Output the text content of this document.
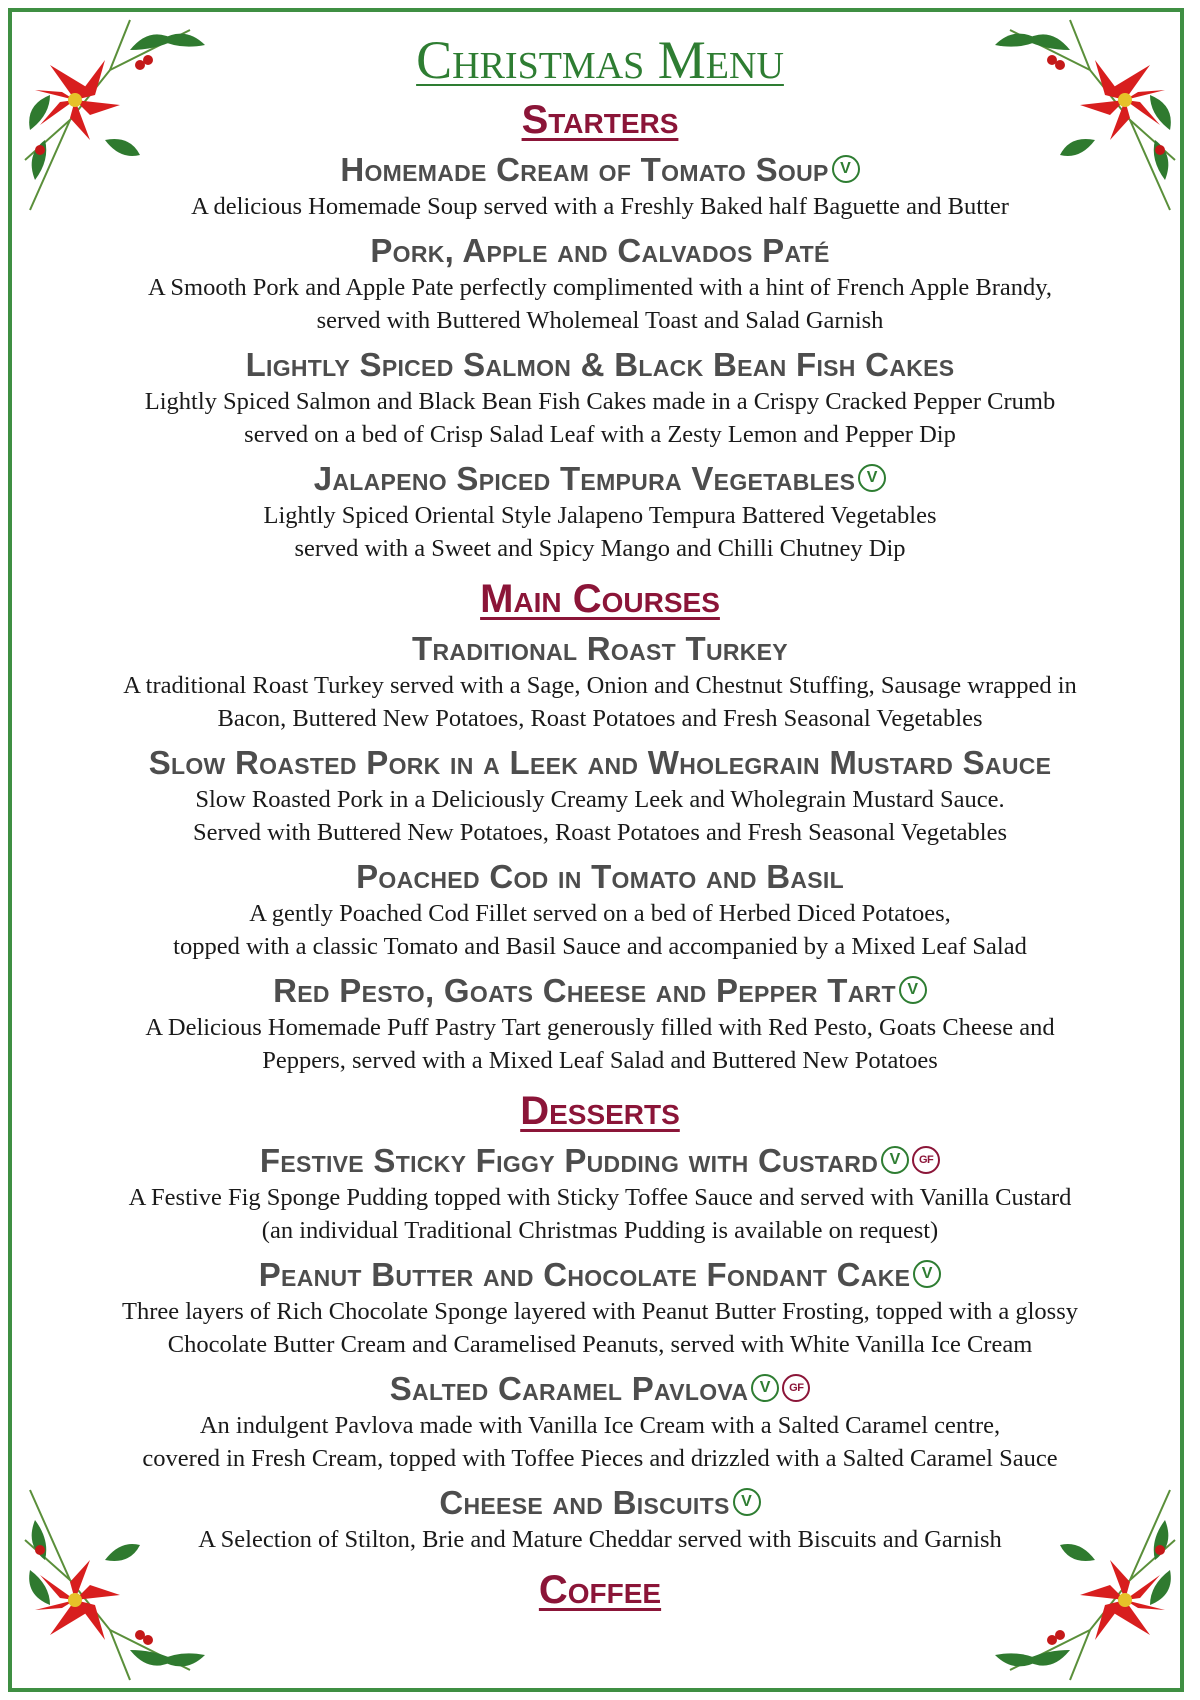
Christmas Menu
Starters
Homemade Cream of Tomato Soup V
A delicious Homemade Soup served with a Freshly Baked half Baguette and Butter
Pork, Apple and Calvados Paté
A Smooth Pork and Apple Pate perfectly complimented with a hint of French Apple Brandy,
served with Buttered Wholemeal Toast and Salad Garnish
Lightly Spiced Salmon & Black Bean Fish Cakes
Lightly Spiced Salmon and Black Bean Fish Cakes made in a Crispy Cracked Pepper Crumb
served on a bed of Crisp Salad Leaf with a Zesty Lemon and Pepper Dip
Jalapeno Spiced Tempura Vegetables V
Lightly Spiced Oriental Style Jalapeno Tempura Battered Vegetables
served with a Sweet and Spicy Mango and Chilli Chutney Dip
Main Courses
Traditional Roast Turkey
A traditional Roast Turkey served with a Sage, Onion and Chestnut Stuffing, Sausage wrapped in
Bacon, Buttered New Potatoes, Roast Potatoes and Fresh Seasonal Vegetables
Slow Roasted Pork in a Leek and Wholegrain Mustard Sauce
Slow Roasted Pork in a Deliciously Creamy Leek and Wholegrain Mustard Sauce.
Served with Buttered New Potatoes, Roast Potatoes and Fresh Seasonal Vegetables
Poached Cod in Tomato and Basil
A gently Poached Cod Fillet served on a bed of Herbed Diced Potatoes,
topped with a classic Tomato and Basil Sauce and accompanied by a Mixed Leaf Salad
Red Pesto, Goats Cheese and Pepper Tart V
A Delicious Homemade Puff Pastry Tart generously filled with Red Pesto, Goats Cheese and
Peppers, served with a Mixed Leaf Salad and Buttered New Potatoes
Desserts
Festive Sticky Figgy Pudding with Custard V GF
A Festive Fig Sponge Pudding topped with Sticky Toffee Sauce and served with Vanilla Custard
(an individual Traditional Christmas Pudding is available on request)
Peanut Butter and Chocolate Fondant Cake V
Three layers of Rich Chocolate Sponge layered with Peanut Butter Frosting, topped with a glossy
Chocolate Butter Cream and Caramelised Peanuts, served with White Vanilla Ice Cream
Salted Caramel Pavlova V GF
An indulgent Pavlova made with Vanilla Ice Cream with a Salted Caramel centre,
covered in Fresh Cream, topped with Toffee Pieces and drizzled with a Salted Caramel Sauce
Cheese and Biscuits V
A Selection of Stilton, Brie and Mature Cheddar served with Biscuits and Garnish
Coffee
